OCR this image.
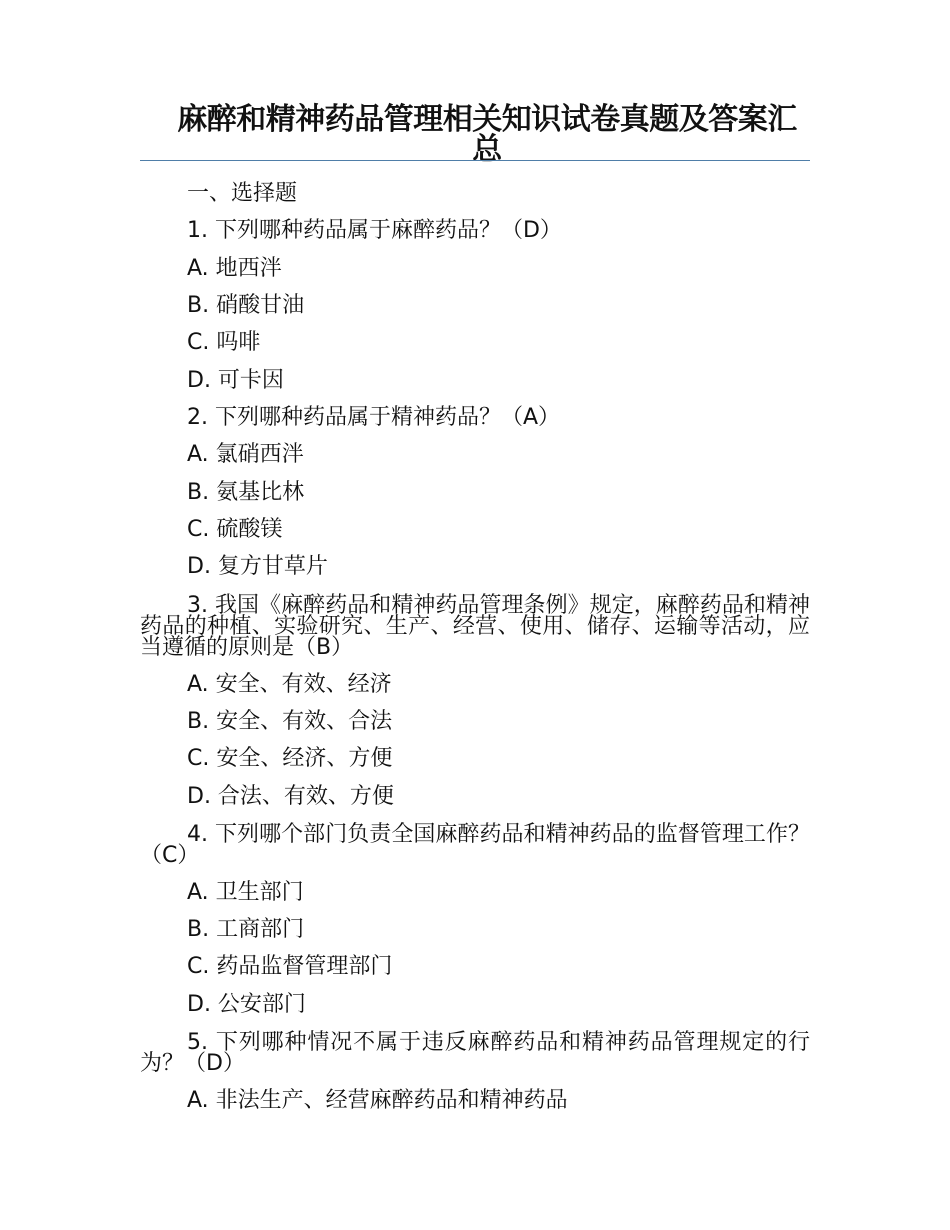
麻醉和精神药品管理相关知识试卷真题及答案汇总
一、选择题
1. 下列哪种药品属于麻醉药品？（D）
A. 地西泮
B. 硝酸甘油
C. 吗啡
D. 可卡因
2. 下列哪种药品属于精神药品？（A）
A. 氯硝西泮
B. 氨基比林
C. 硫酸镁
D. 复方甘草片
3. 我国《麻醉药品和精神药品管理条例》规定，麻醉药品和精神药品的种植、实验研究、生产、经营、使用、储存、运输等活动，应当遵循的原则是（B）
A. 安全、有效、经济
B. 安全、有效、合法
C. 安全、经济、方便
D. 合法、有效、方便
4. 下列哪个部门负责全国麻醉药品和精神药品的监督管理工作？（C）
A. 卫生部门
B. 工商部门
C. 药品监督管理部门
D. 公安部门
5. 下列哪种情况不属于违反麻醉药品和精神药品管理规定的行为？（D）
A. 非法生产、经营麻醉药品和精神药品
